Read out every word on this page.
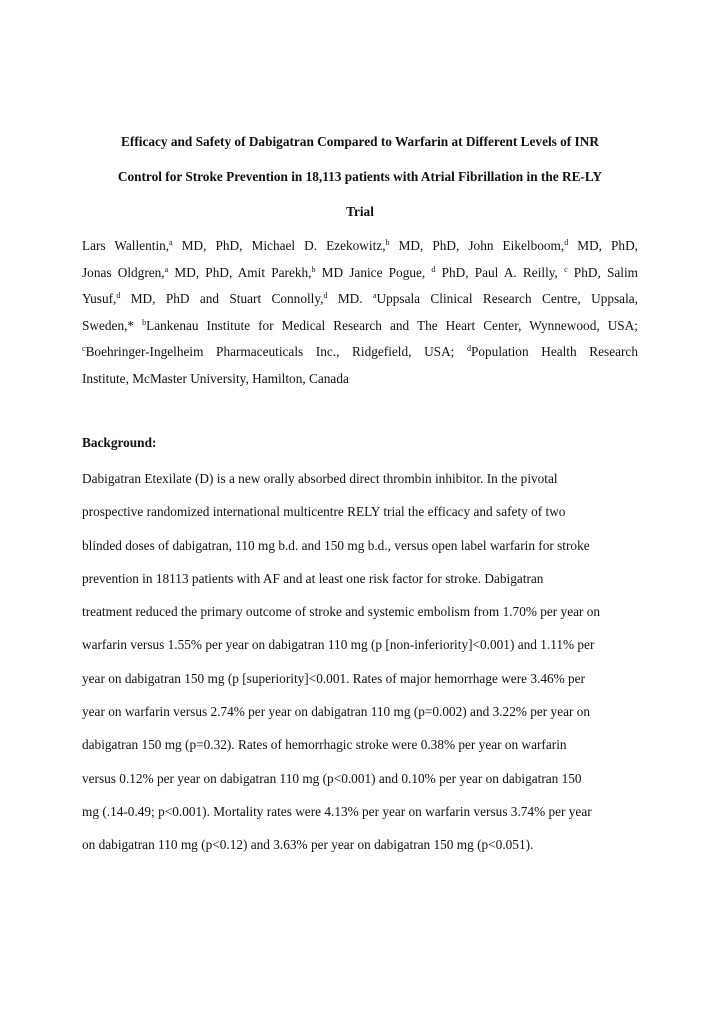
Efficacy and Safety of Dabigatran Compared to Warfarin at Different Levels of INR
Control for Stroke Prevention in 18,113 patients with Atrial Fibrillation in the RE-LY
Trial
Lars Wallentin,$^a$ MD, PhD, Michael D. Ezekowitz,$^b$ MD, PhD, John Eikelboom,$^d$ MD, PhD,
Jonas Oldgren,$^a$ MD, PhD, Amit Parekh,$^b$ MD Janice Pogue, $^d$ PhD, Paul A. Reilly, $^c$ PhD, Salim
Yusuf,$^d$ MD, PhD and Stuart Connolly,$^d$ MD. $^a$Uppsala Clinical Research Centre, Uppsala,
Sweden,* $^b$Lankenau Institute for Medical Research and The Heart Center, Wynnewood, USA;
$^c$Boehringer-Ingelheim Pharmaceuticals Inc., Ridgefield, USA; $^d$Population Health Research
Institute, McMaster University, Hamilton, Canada
Background:
Dabigatran Etexilate (D) is a new orally absorbed direct thrombin inhibitor. In the pivotal
prospective randomized international multicentre RELY trial the efficacy and safety of two
blinded doses of dabigatran, 110 mg b.d. and 150 mg b.d., versus open label warfarin for stroke
prevention in 18113 patients with AF and at least one risk factor for stroke. Dabigatran
treatment reduced the primary outcome of stroke and systemic embolism from 1.70% per year on
warfarin versus 1.55% per year on dabigatran 110 mg (p [non-inferiority]<0.001) and 1.11% per
year on dabigatran 150 mg (p [superiority]<0.001. Rates of major hemorrhage were 3.46% per
year on warfarin versus 2.74% per year on dabigatran 110 mg (p=0.002) and 3.22% per year on
dabigatran 150 mg (p=0.32). Rates of hemorrhagic stroke were 0.38% per year on warfarin
versus 0.12% per year on dabigatran 110 mg (p<0.001) and 0.10% per year on dabigatran 150
mg (.14-0.49; p<0.001). Mortality rates were 4.13% per year on warfarin versus 3.74% per year
on dabigatran 110 mg (p<0.12) and 3.63% per year on dabigatran 150 mg (p<0.051).
